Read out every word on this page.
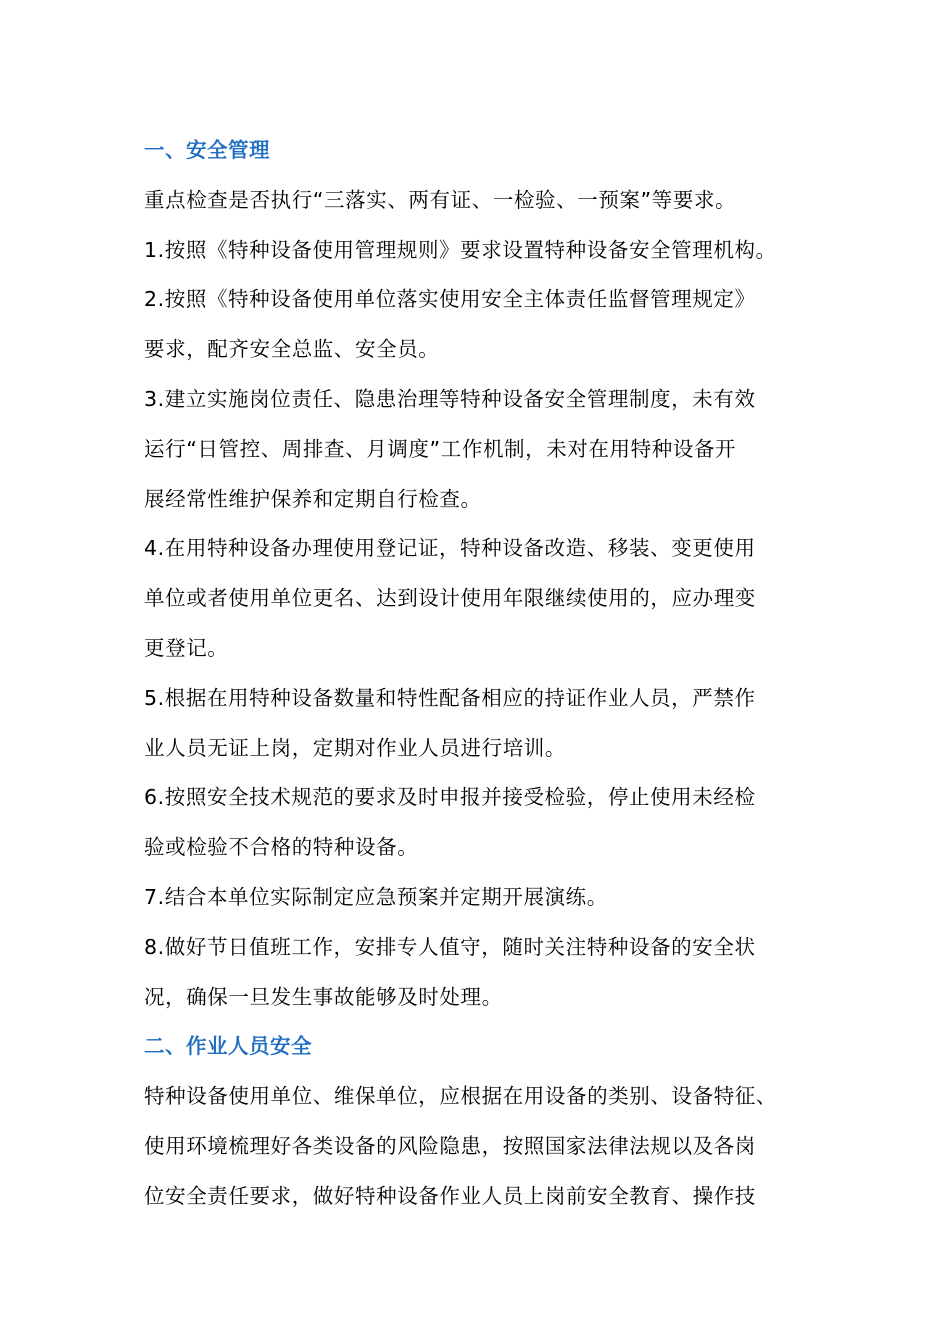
一、安全管理
重点检查是否执行“三落实、两有证、一检验、一预案”等要求。
1.按照《特种设备使用管理规则》要求设置特种设备安全管理机构。
2.按照《特种设备使用单位落实使用安全主体责任监督管理规定》
要求，配齐安全总监、安全员。
3.建立实施岗位责任、隐患治理等特种设备安全管理制度，未有效
运行“日管控、周排查、月调度”工作机制，未对在用特种设备开
展经常性维护保养和定期自行检查。
4.在用特种设备办理使用登记证，特种设备改造、移装、变更使用
单位或者使用单位更名、达到设计使用年限继续使用的，应办理变
更登记。
5.根据在用特种设备数量和特性配备相应的持证作业人员，严禁作
业人员无证上岗，定期对作业人员进行培训。
6.按照安全技术规范的要求及时申报并接受检验，停止使用未经检
验或检验不合格的特种设备。
7.结合本单位实际制定应急预案并定期开展演练。
8.做好节日值班工作，安排专人值守，随时关注特种设备的安全状
况，确保一旦发生事故能够及时处理。
二、作业人员安全
特种设备使用单位、维保单位，应根据在用设备的类别、设备特征、
使用环境梳理好各类设备的风险隐患，按照国家法律法规以及各岗
位安全责任要求，做好特种设备作业人员上岗前安全教育、操作技
